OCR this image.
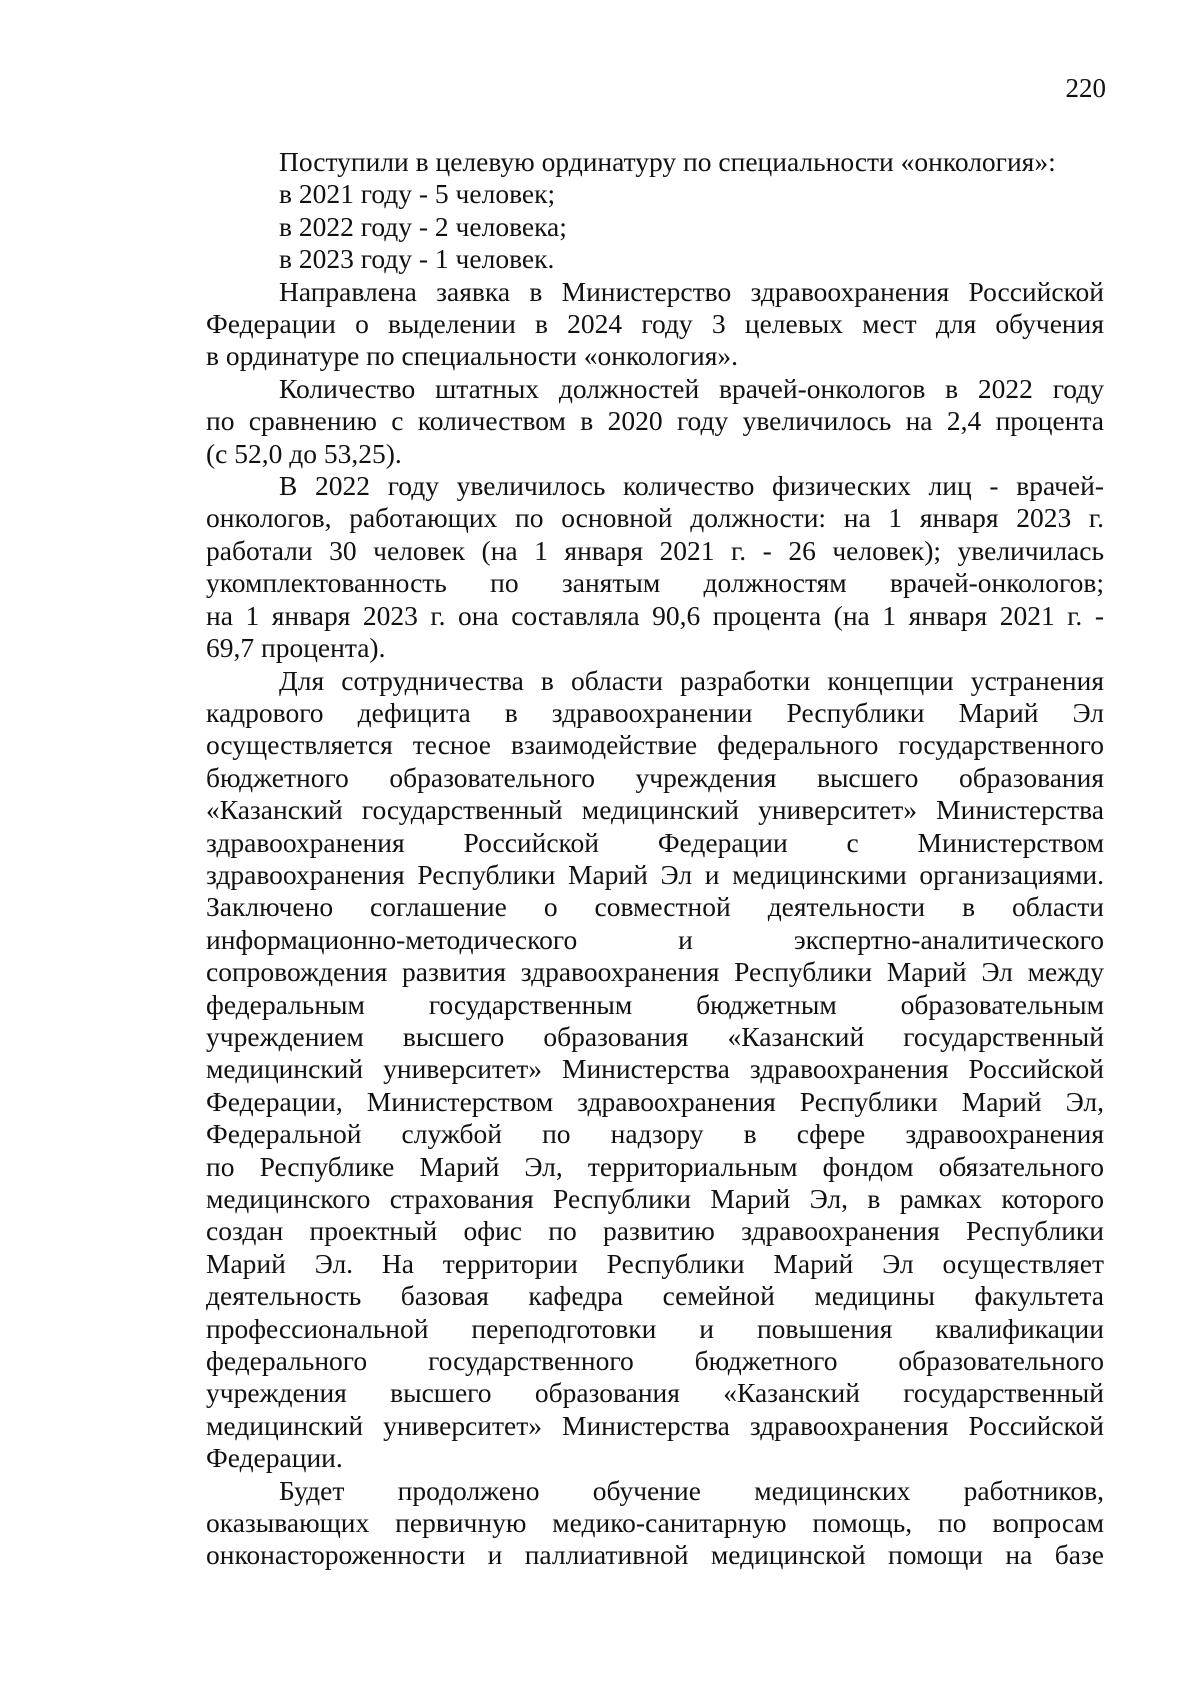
220
Поступили в целевую ординатуру по специальности «онкология»:
в 2021 году - 5 человек;
в 2022 году - 2 человека;
в 2023 году - 1 человек.
Направлена заявка в Министерство здравоохранения Российской
Федерации о выделении в 2024 году 3 целевых мест для обучения
в ординатуре по специальности «онкология».
Количество штатных должностей врачей-онкологов в 2022 году
по сравнению с количеством в 2020 году увеличилось на 2,4 процента
(с 52,0 до 53,25).
В 2022 году увеличилось количество физических лиц - врачей-
онкологов, работающих по основной должности: на 1 января 2023 г.
работали 30 человек (на 1 января 2021 г. - 26 человек); увеличилась
укомплектованность по занятым должностям врачей-онкологов;
на 1 января 2023 г. она составляла 90,6 процента (на 1 января 2021 г. -
69,7 процента).
Для сотрудничества в области разработки концепции устранения
кадрового дефицита в здравоохранении Республики Марий Эл
осуществляется тесное взаимодействие федерального государственного
бюджетного образовательного учреждения высшего образования
«Казанский государственный медицинский университет» Министерства
здравоохранения Российской Федерации с Министерством
здравоохранения Республики Марий Эл и медицинскими организациями.
Заключено соглашение о совместной деятельности в области
информационно-методического и экспертно-аналитического
сопровождения развития здравоохранения Республики Марий Эл между
федеральным государственным бюджетным образовательным
учреждением высшего образования «Казанский государственный
медицинский университет» Министерства здравоохранения Российской
Федерации, Министерством здравоохранения Республики Марий Эл,
Федеральной службой по надзору в сфере здравоохранения
по Республике Марий Эл, территориальным фондом обязательного
медицинского страхования Республики Марий Эл, в рамках которого
создан проектный офис по развитию здравоохранения Республики
Марий Эл. На территории Республики Марий Эл осуществляет
деятельность базовая кафедра семейной медицины факультета
профессиональной переподготовки и повышения квалификации
федерального государственного бюджетного образовательного
учреждения высшего образования «Казанский государственный
медицинский университет» Министерства здравоохранения Российской
Федерации.
Будет продолжено обучение медицинских работников,
оказывающих первичную медико-санитарную помощь, по вопросам
онконастороженности и паллиативной медицинской помощи на базе
